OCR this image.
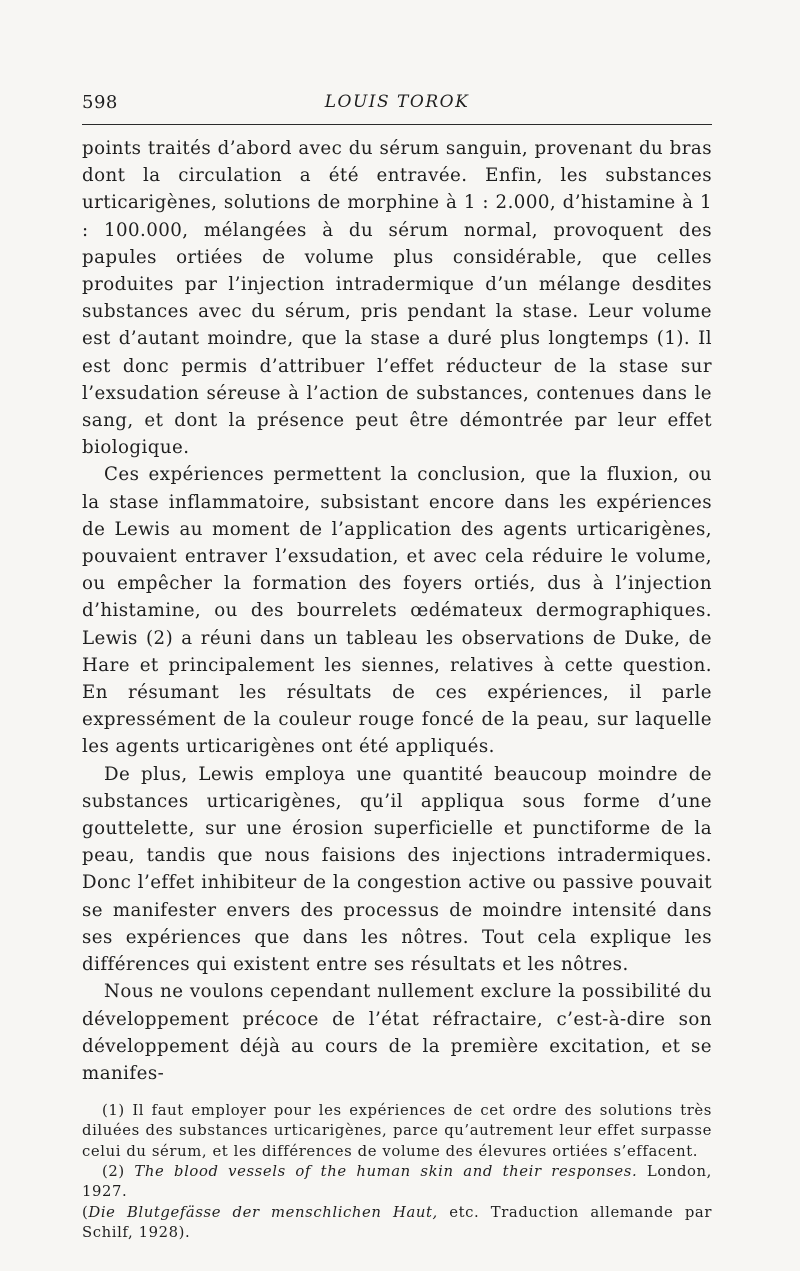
598	LOUIS TOROK

points traités d’abord avec du sérum sanguin, provenant du bras dont la circulation a été entravée. Enfin, les substances urticarigènes, solutions de morphine à 1 : 2.000, d’histamine à 1 : 100.000, mélangées à du sérum normal, provoquent des papules ortiées de volume plus considérable, que celles produites par l’injection intradermique d’un mélange desdites substances avec du sérum, pris pendant la stase. Leur volume est d’autant moindre, que la stase a duré plus longtemps (1). Il est donc permis d’attribuer l’effet réducteur de la stase sur l’exsudation séreuse à l’action de substances, contenues dans le sang, et dont la présence peut être démontrée par leur effet biologique.

Ces expériences permettent la conclusion, que la fluxion, ou la stase inflammatoire, subsistant encore dans les expériences de Lewis au moment de l’application des agents urticarigènes, pouvaient entraver l’exsudation, et avec cela réduire le volume, ou empêcher la formation des foyers ortiés, dus à l’injection d’histamine, ou des bourrelets œdémateux dermographiques. Lewis (2) a réuni dans un tableau les observations de Duke, de Hare et principalement les siennes, relatives à cette question. En résumant les résultats de ces expériences, il parle expressément de la couleur rouge foncé de la peau, sur laquelle les agents urticarigènes ont été appliqués.

De plus, Lewis employa une quantité beaucoup moindre de substances urticarigènes, qu’il appliqua sous forme d’une gouttelette, sur une érosion superficielle et punctiforme de la peau, tandis que nous faisions des injections intradermiques. Donc l’effet inhibiteur de la congestion active ou passive pouvait se manifester envers des processus de moindre intensité dans ses expériences que dans les nôtres. Tout cela explique les différences qui existent entre ses résultats et les nôtres.

Nous ne voulons cependant nullement exclure la possibilité du développement précoce de l’état réfractaire, c’est-à-dire son développement déjà au cours de la première excitation, et se manifes-

(1) Il faut employer pour les expériences de cet ordre des solutions très diluées des substances urticarigènes, parce qu’autrement leur effet surpasse celui du sérum, et les différences de volume des élevures ortiées s’effacent.

(2) The blood vessels of the human skin and their responses. London, 1927.

(Die Blutgefässe der menschlichen Haut, etc. Traduction allemande par Schilf, 1928).
